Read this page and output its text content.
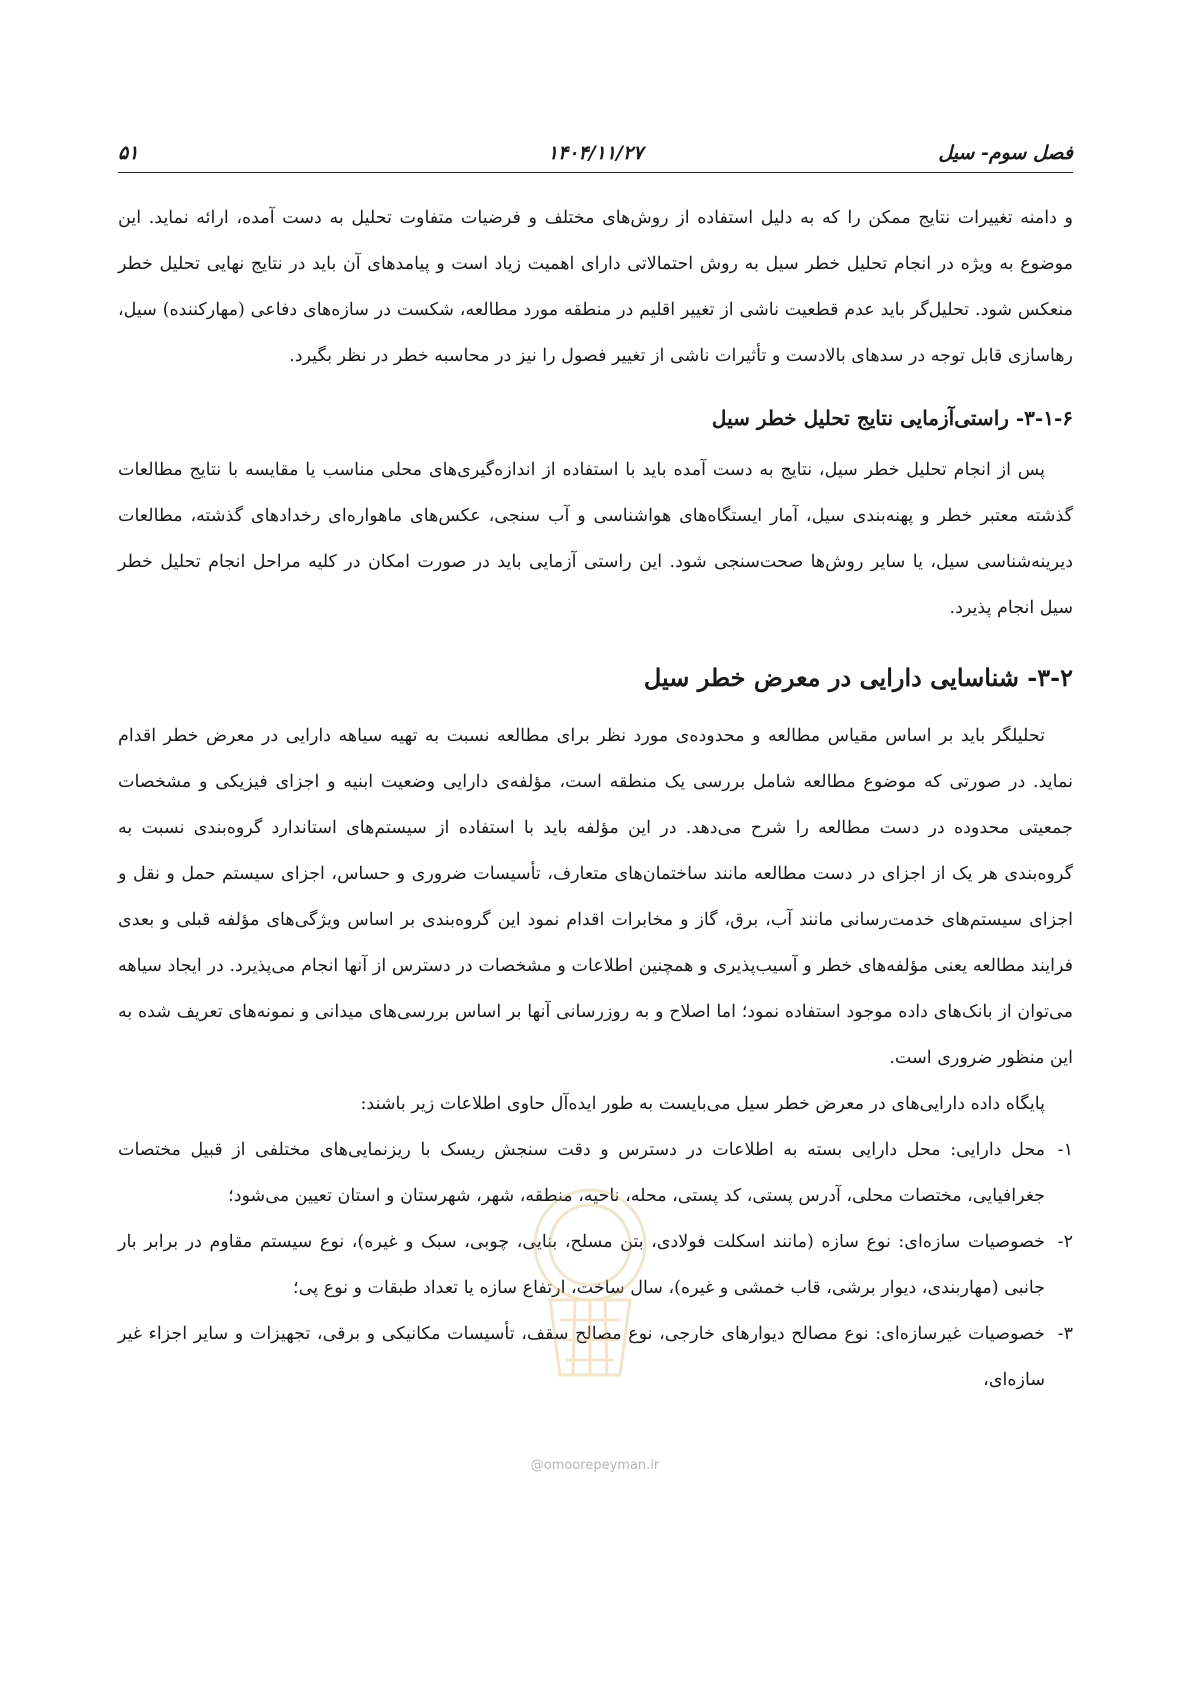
فصل سوم- سیل
۱۴۰۴/۱۱/۲۷
۵۱

و دامنه تغییرات نتایج ممکن را که به دلیل استفاده از روش‌های مختلف و فرضیات متفاوت تحلیل به دست آمده، ارائه نماید. این موضوع به ویژه در انجام تحلیل خطر سیل به روش احتمالاتی دارای اهمیت زیاد است و پیامدهای آن باید در نتایج نهایی تحلیل خطر منعکس شود. تحلیل‌گر باید عدم قطعیت ناشی از تغییر اقلیم در منطقه مورد مطالعه، شکست در سازه‌های دفاعی (مهارکننده) سیل، رهاسازی قابل توجه در سدهای بالادست و تأثیرات ناشی از تغییر فصول را نیز در محاسبه خطر در نظر بگیرد.

۳-۱-۶- راستی‌آزمایی نتایج تحلیل خطر سیل

پس از انجام تحلیل خطر سیل، نتایج به دست آمده باید با استفاده از اندازه‌گیری‌های محلی مناسب یا مقایسه با نتایج مطالعات گذشته معتبر خطر و پهنه‌بندی سیل، آمار ایستگاه‌های هواشناسی و آب سنجی، عکس‌های ماهواره‌ای رخدادهای گذشته، مطالعات دیرینه‌شناسی سیل، یا سایر روش‌ها صحت‌سنجی شود. این راستی آزمایی باید در صورت امکان در کلیه مراحل انجام تحلیل خطر سیل انجام پذیرد.

۳-۲- شناسایی دارایی در معرض خطر سیل

تحلیلگر باید بر اساس مقیاس مطالعه و محدوده‌ی مورد نظر برای مطالعه نسبت به تهیه سیاهه دارایی در معرض خطر اقدام نماید. در صورتی که موضوع مطالعه شامل بررسی یک منطقه است، مؤلفه‌ی دارایی وضعیت ابنیه و اجزای فیزیکی و مشخصات جمعیتی محدوده در دست مطالعه را شرح می‌دهد. در این مؤلفه باید با استفاده از سیستم‌های استاندارد گروه‌بندی نسبت به گروه‌بندی هر یک از اجزای در دست مطالعه مانند ساختمان‌های متعارف، تأسیسات ضروری و حساس، اجزای سیستم حمل و نقل و اجزای سیستم‌های خدمت‌رسانی مانند آب، برق، گاز و مخابرات اقدام نمود این گروه‌بندی بر اساس ویژگی‌های مؤلفه قبلی و بعدی فرایند مطالعه یعنی مؤلفه‌های خطر و آسیب‌پذیری و همچنین اطلاعات و مشخصات در دسترس از آنها انجام می‌پذیرد. در ایجاد سیاهه می‌توان از بانک‌های داده موجود استفاده نمود؛ اما اصلاح و به روزرسانی آنها بر اساس بررسی‌های میدانی و نمونه‌های تعریف شده به این منظور ضروری است.

پایگاه داده دارایی‌های در معرض خطر سیل می‌بایست به طور ایده‌آل حاوی اطلاعات زیر باشند:

۱-
محل دارایی: محل دارایی بسته به اطلاعات در دسترس و دقت سنجش ریسک با ریزنمایی‌های مختلفی از قبیل مختصات جغرافیایی، مختصات محلی، آدرس پستی، کد پستی، محله، ناحیه، منطقه، شهر، شهرستان و استان تعیین می‌شود؛
۲-
خصوصیات سازه‌ای: نوع سازه (مانند اسکلت فولادی، بتن مسلح، بنایی، چوبی، سبک و غیره)، نوع سیستم مقاوم در برابر بار جانبی (مهاربندی، دیوار برشی، قاب خمشی و غیره)، سال ساخت، ارتفاع سازه یا تعداد طبقات و نوع پی؛
۳-
خصوصیات غیرسازه‌ای: نوع مصالح دیوارهای خارجی، نوع مصالح سقف، تأسیسات مکانیکی و برقی، تجهیزات و سایر اجزاء غیر سازه‌ای،
@omoorepeyman.ir
